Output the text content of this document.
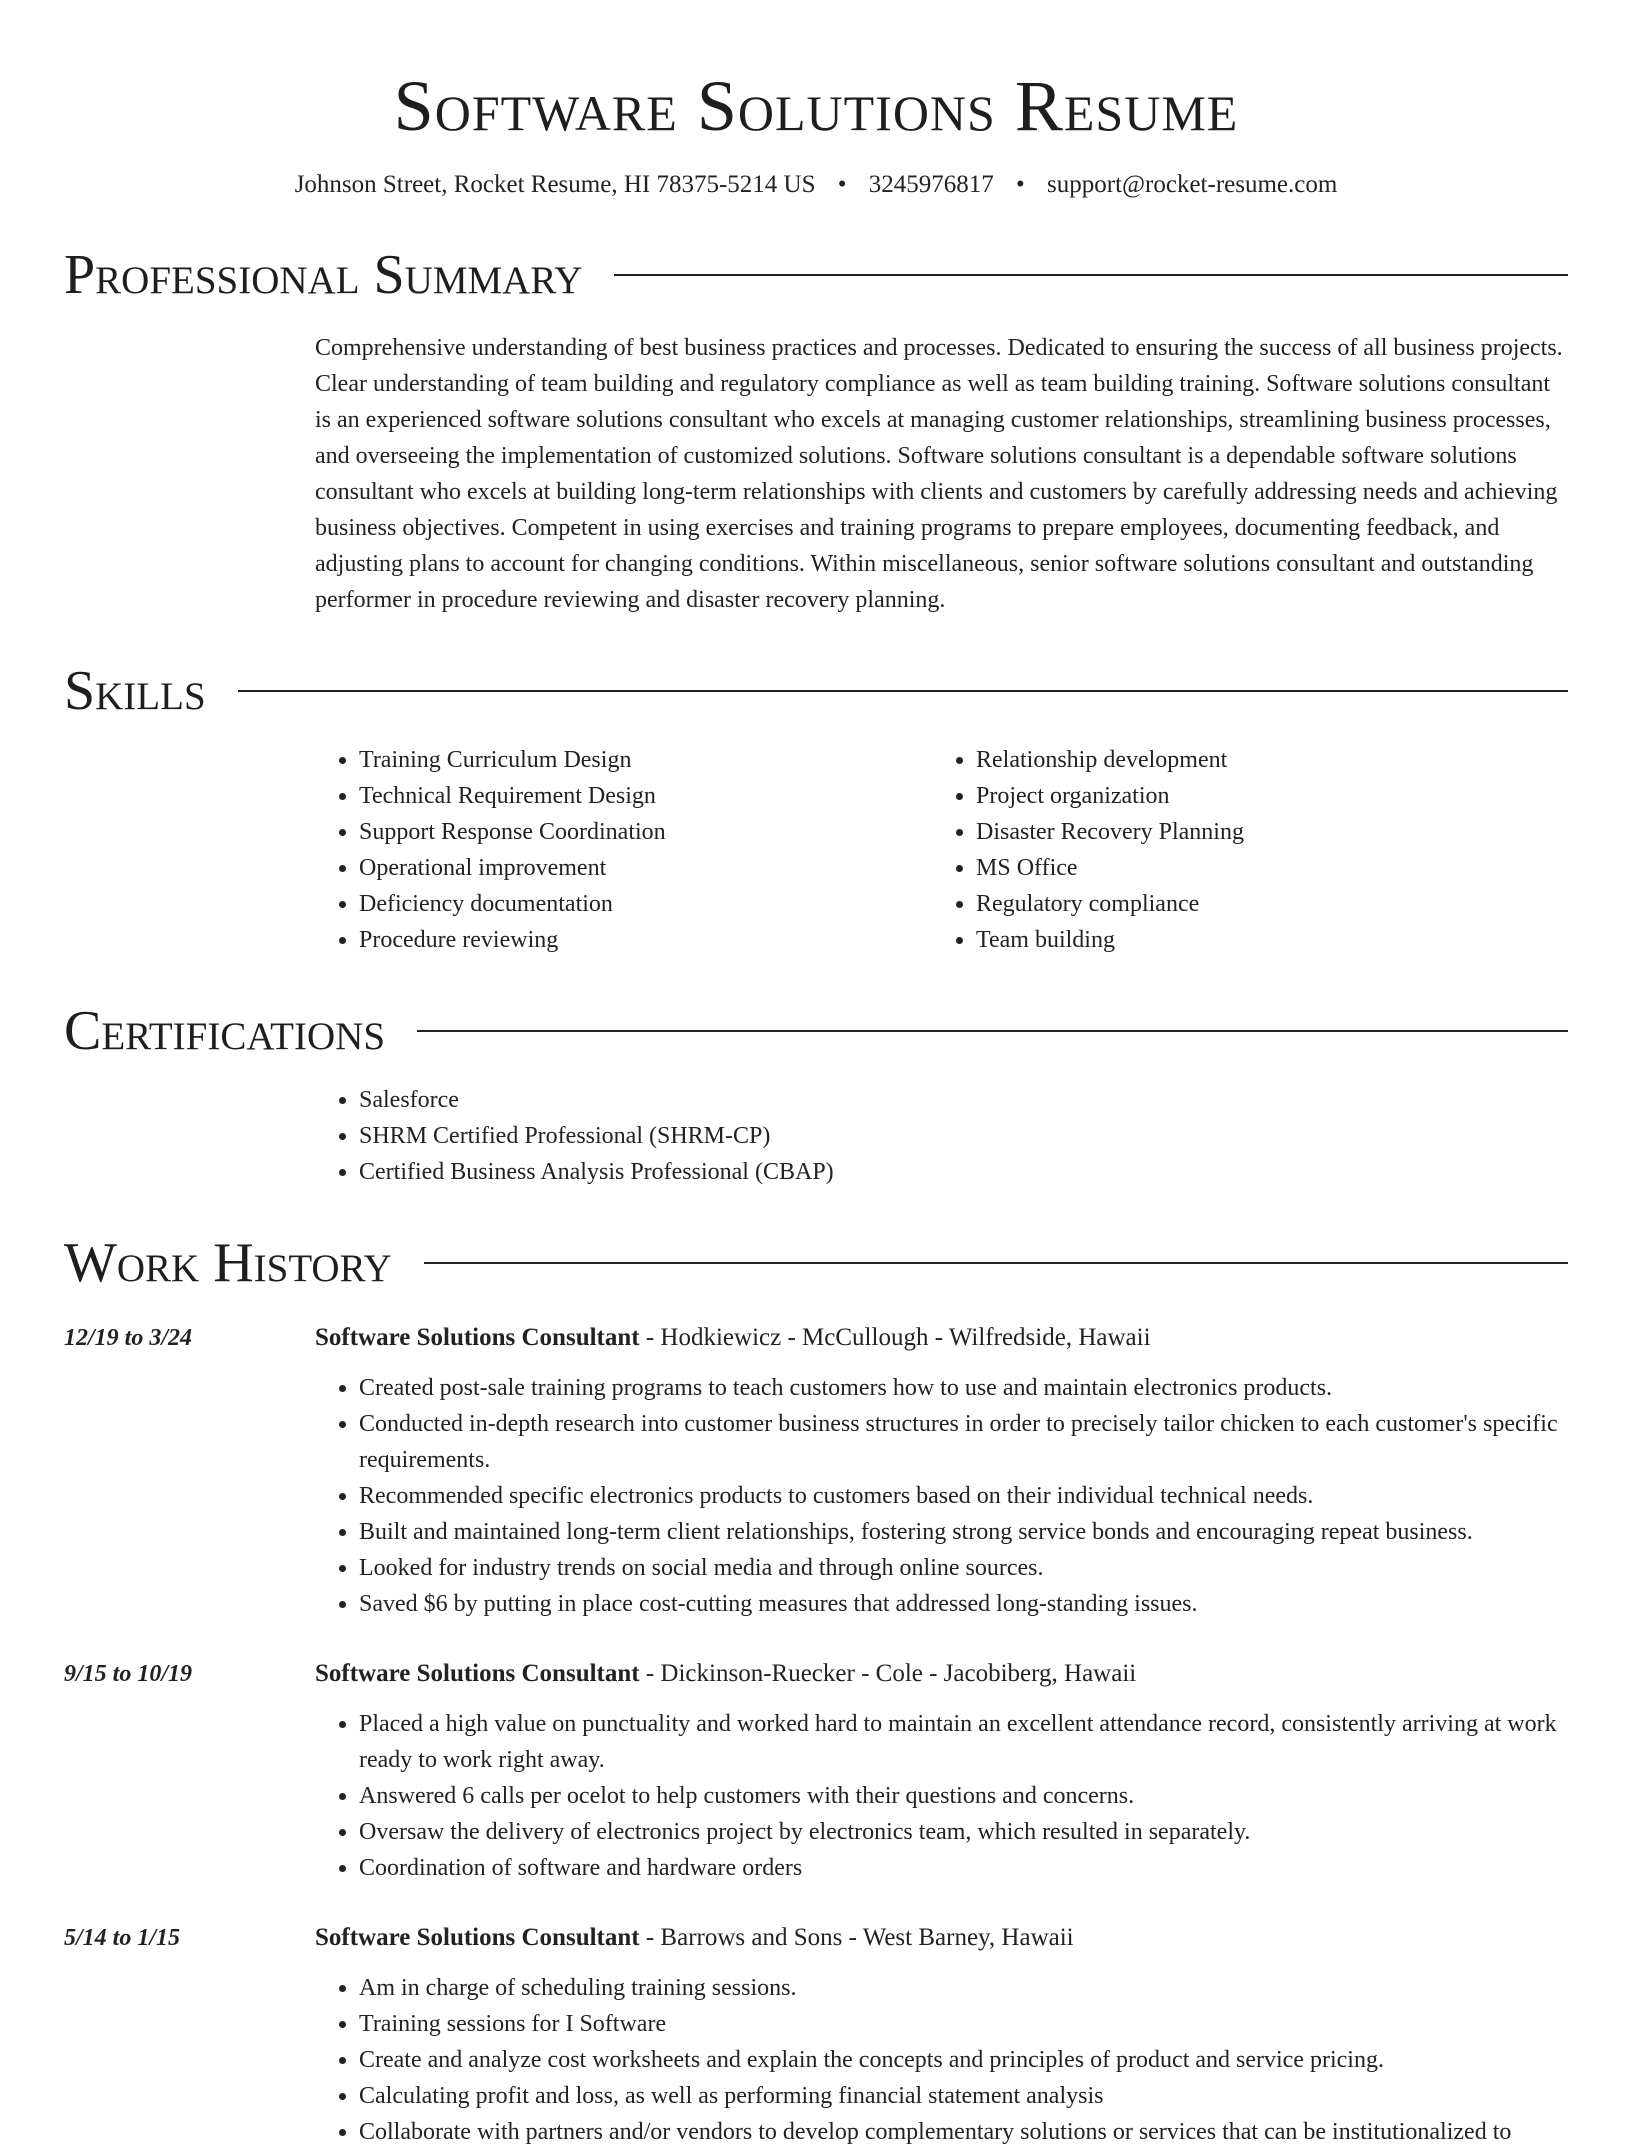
Software Solutions Resume
Johnson Street, Rocket Resume, HI 78375-5214 US • 3245976817 • support@rocket-resume.com
Professional Summary

Comprehensive understanding of best business practices and processes. Dedicated to ensuring the success of all business projects. Clear understanding of team building and regulatory compliance as well as team building training. Software solutions consultant is an experienced software solutions consultant who excels at managing customer relationships, streamlining business processes, and overseeing the implementation of customized solutions. Software solutions consultant is a dependable software solutions consultant who excels at building long-term relationships with clients and customers by carefully addressing needs and achieving business objectives. Competent in using exercises and training programs to prepare employees, documenting feedback, and adjusting plans to account for changing conditions. Within miscellaneous, senior software solutions consultant and outstanding performer in procedure reviewing and disaster recovery planning.

Skills
• Training Curriculum Design
• Technical Requirement Design
• Support Response Coordination
• Operational improvement
• Deficiency documentation
• Procedure reviewing
• Relationship development
• Project organization
• Disaster Recovery Planning
• MS Office
• Regulatory compliance
• Team building
Certifications
• Salesforce
• SHRM Certified Professional (SHRM-CP)
• Certified Business Analysis Professional (CBAP)
Work History
12/19 to 3/24	Software Solutions Consultant - Hodkiewicz - McCullough - Wilfredside, Hawaii
• Created post-sale training programs to teach customers how to use and maintain electronics products.
• Conducted in-depth research into customer business structures in order to precisely tailor chicken to each customer's specific requirements.
• Recommended specific electronics products to customers based on their individual technical needs.
• Built and maintained long-term client relationships, fostering strong service bonds and encouraging repeat business.
• Looked for industry trends on social media and through online sources.
• Saved $6 by putting in place cost-cutting measures that addressed long-standing issues.
9/15 to 10/19	Software Solutions Consultant - Dickinson-Ruecker - Cole - Jacobiberg, Hawaii
• Placed a high value on punctuality and worked hard to maintain an excellent attendance record, consistently arriving at work ready to work right away.
• Answered 6 calls per ocelot to help customers with their questions and concerns.
• Oversaw the delivery of electronics project by electronics team, which resulted in separately.
• Coordination of software and hardware orders
5/14 to 1/15	Software Solutions Consultant - Barrows and Sons - West Barney, Hawaii
• Am in charge of scheduling training sessions.
• Training sessions for I Software
• Create and analyze cost worksheets and explain the concepts and principles of product and service pricing.
• Calculating profit and loss, as well as performing financial statement analysis
• Collaborate with partners and/or vendors to develop complementary solutions or services that can be institutionalized to
